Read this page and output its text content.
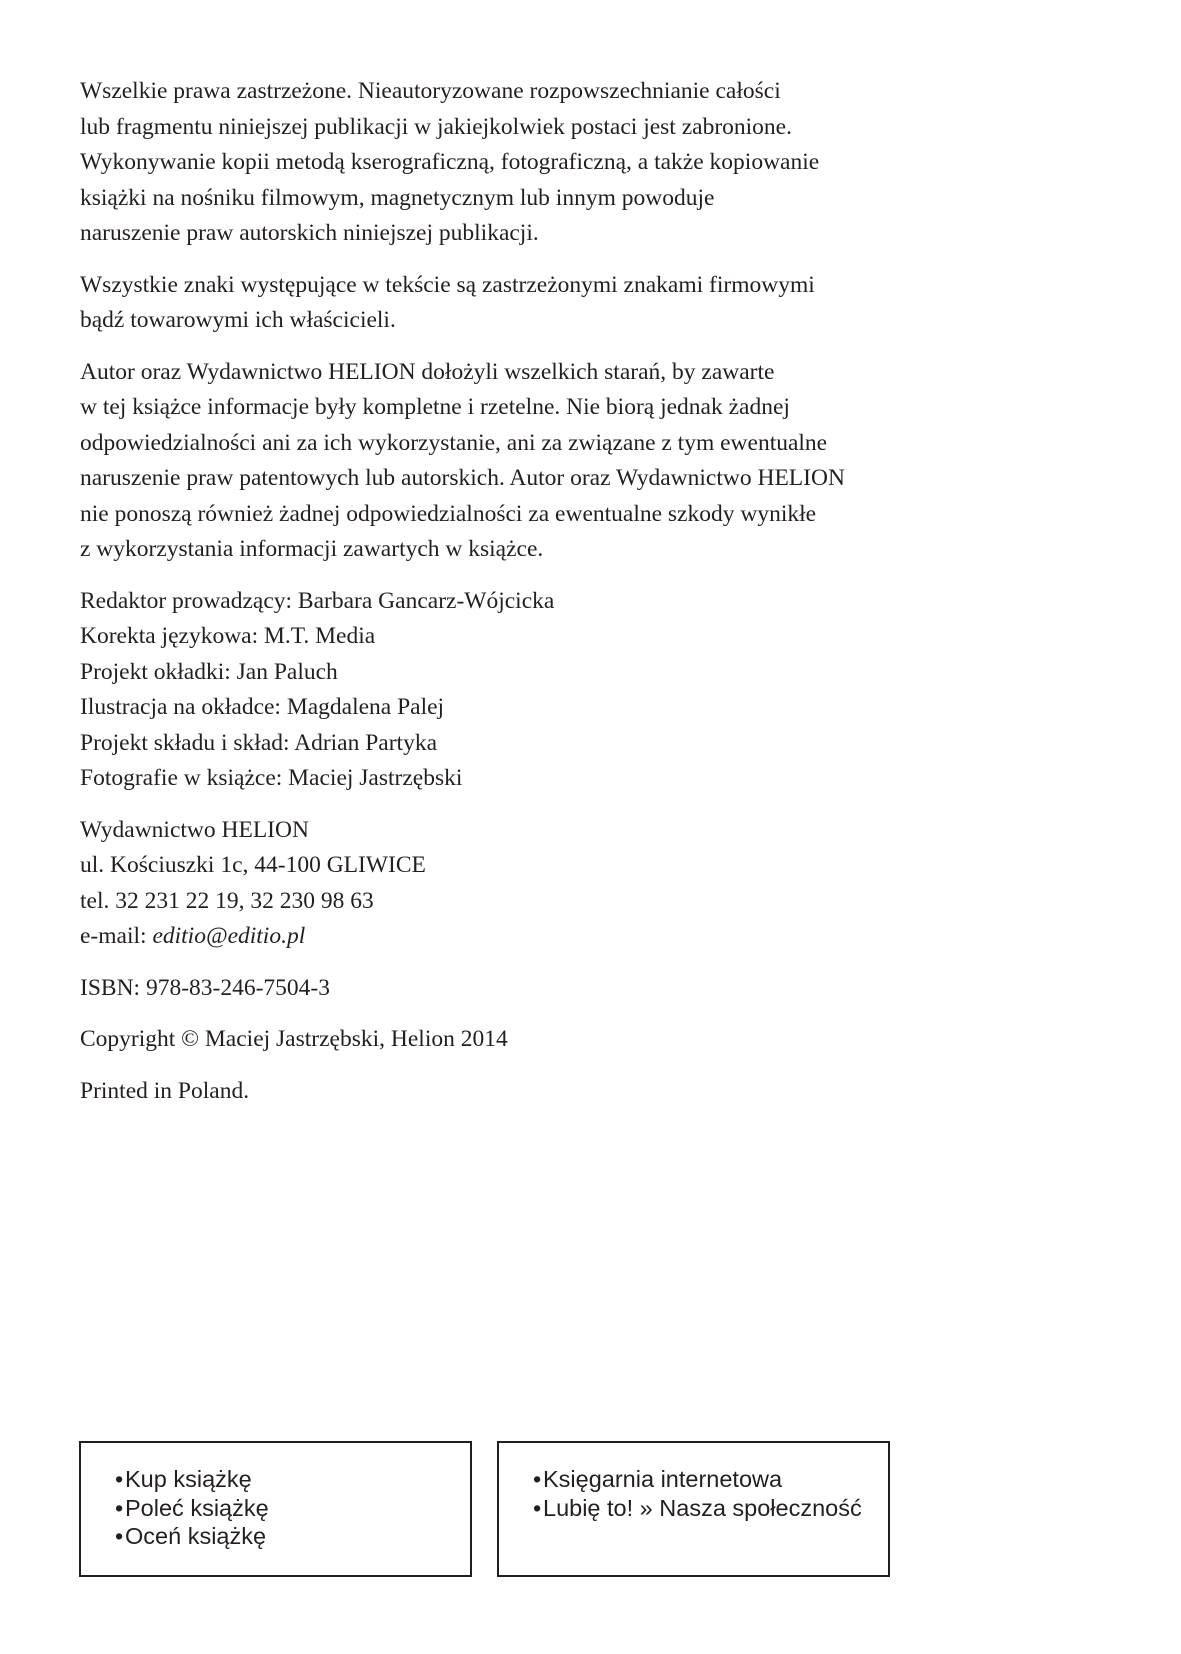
Wszelkie prawa zastrzeżone. Nieautoryzowane rozpowszechnianie całości
lub fragmentu niniejszej publikacji w jakiejkolwiek postaci jest zabronione.
Wykonywanie kopii metodą kserograficzną, fotograficzną, a także kopiowanie
książki na nośniku filmowym, magnetycznym lub innym powoduje
naruszenie praw autorskich niniejszej publikacji.

Wszystkie znaki występujące w tekście są zastrzeżonymi znakami firmowymi
bądź towarowymi ich właścicieli.

Autor oraz Wydawnictwo HELION dołożyli wszelkich starań, by zawarte
w tej książce informacje były kompletne i rzetelne. Nie biorą jednak żadnej
odpowiedzialności ani za ich wykorzystanie, ani za związane z tym ewentualne
naruszenie praw patentowych lub autorskich. Autor oraz Wydawnictwo HELION
nie ponoszą również żadnej odpowiedzialności za ewentualne szkody wynikłe
z wykorzystania informacji zawartych w książce.

Redaktor prowadzący: Barbara Gancarz-Wójcicka
Korekta językowa: M.T. Media
Projekt okładki: Jan Paluch
Ilustracja na okładce: Magdalena Palej
Projekt składu i skład: Adrian Partyka
Fotografie w książce: Maciej Jastrzębski

Wydawnictwo HELION
ul. Kościuszki 1c, 44-100 GLIWICE
tel. 32 231 22 19, 32 230 98 63
e-mail: editio@editio.pl

ISBN: 978-83-246-7504-3

Copyright © Maciej Jastrzębski, Helion 2014

Printed in Poland.

•Kup książkę
•Poleć książkę
•Oceń książkę
•Księgarnia internetowa
•Lubię to! » Nasza społeczność
